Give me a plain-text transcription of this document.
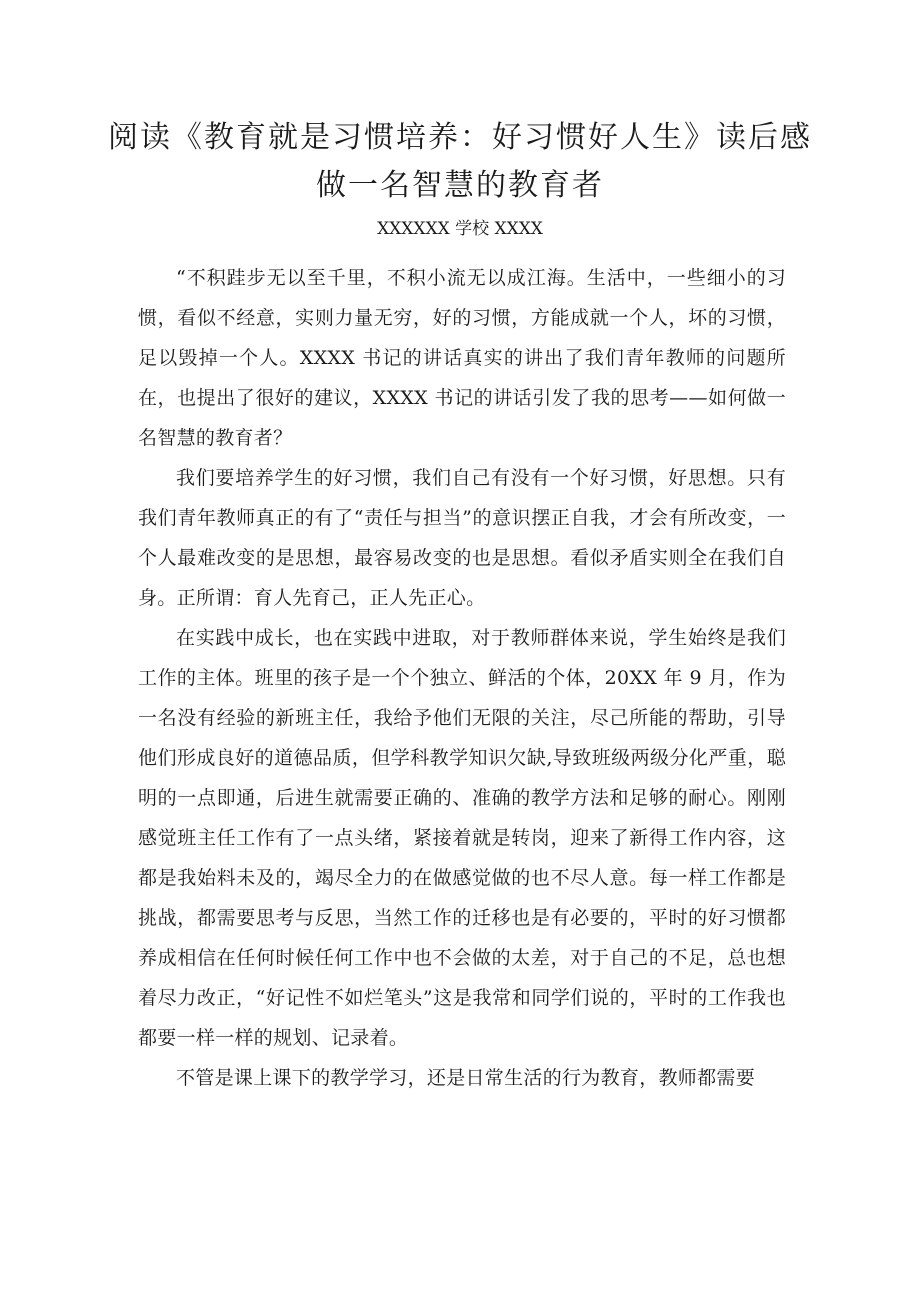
阅读《教育就是习惯培养：好习惯好人生》读后感
做一名智慧的教育者
XXXXXX 学校 XXXX

“不积跬步无以至千里，不积小流无以成江海。生活中，一些细小的习惯，看似不经意，实则力量无穷，好的习惯，方能成就一个人，坏的习惯，足以毁掉一个人。XXXX 书记的讲话真实的讲出了我们青年教师的问题所在，也提出了很好的建议，XXXX 书记的讲话引发了我的思考——如何做一名智慧的教育者？

我们要培养学生的好习惯，我们自己有没有一个好习惯，好思想。只有我们青年教师真正的有了“责任与担当”的意识摆正自我，才会有所改变，一个人最难改变的是思想，最容易改变的也是思想。看似矛盾实则全在我们自身。正所谓：育人先育己，正人先正心。

在实践中成长，也在实践中进取，对于教师群体来说，学生始终是我们工作的主体。班里的孩子是一个个独立、鲜活的个体，20XX 年 9 月，作为一名没有经验的新班主任，我给予他们无限的关注，尽己所能的帮助，引导他们形成良好的道德品质，但学科教学知识欠缺,导致班级两级分化严重，聪明的一点即通，后进生就需要正确的、准确的教学方法和足够的耐心。刚刚感觉班主任工作有了一点头绪，紧接着就是转岗，迎来了新得工作内容，这都是我始料未及的，竭尽全力的在做感觉做的也不尽人意。每一样工作都是挑战，都需要思考与反思，当然工作的迁移也是有必要的，平时的好习惯都养成相信在任何时候任何工作中也不会做的太差，对于自己的不足，总也想着尽力改正，“好记性不如烂笔头”这是我常和同学们说的，平时的工作我也都要一样一样的规划、记录着。

不管是课上课下的教学学习，还是日常生活的行为教育，教师都需要
